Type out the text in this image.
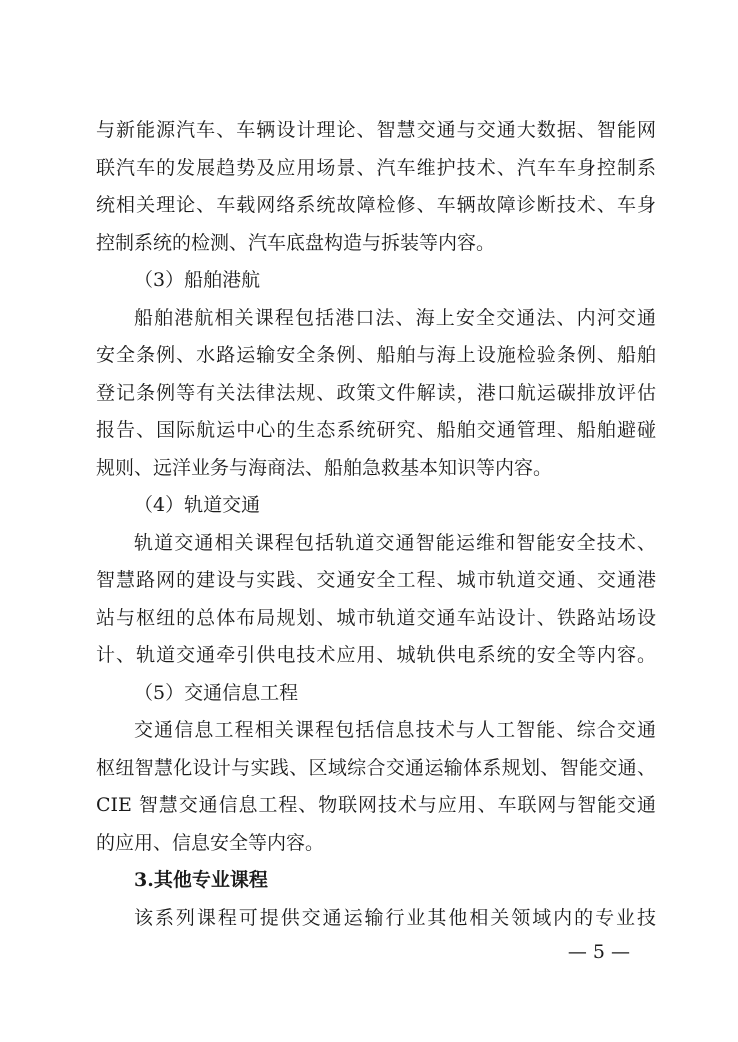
与新能源汽车、车辆设计理论、智慧交通与交通大数据、智能网
联汽车的发展趋势及应用场景、汽车维护技术、汽车车身控制系
统相关理论、车载网络系统故障检修、车辆故障诊断技术、车身
控制系统的检测、汽车底盘构造与拆装等内容。
（3）船舶港航
船舶港航相关课程包括港口法、海上安全交通法、内河交通
安全条例、水路运输安全条例、船舶与海上设施检验条例、船舶
登记条例等有关法律法规、政策文件解读，港口航运碳排放评估
报告、国际航运中心的生态系统研究、船舶交通管理、船舶避碰
规则、远洋业务与海商法、船舶急救基本知识等内容。
（4）轨道交通
轨道交通相关课程包括轨道交通智能运维和智能安全技术、
智慧路网的建设与实践、交通安全工程、城市轨道交通、交通港
站与枢纽的总体布局规划、城市轨道交通车站设计、铁路站场设
计、轨道交通牵引供电技术应用、城轨供电系统的安全等内容。
（5）交通信息工程
交通信息工程相关课程包括信息技术与人工智能、综合交通
枢纽智慧化设计与实践、区域综合交通运输体系规划、智能交通、
CIE 智慧交通信息工程、物联网技术与应用、车联网与智能交通
的应用、信息安全等内容。
3.其他专业课程
该系列课程可提供交通运输行业其他相关领域内的专业技
— 5 —
